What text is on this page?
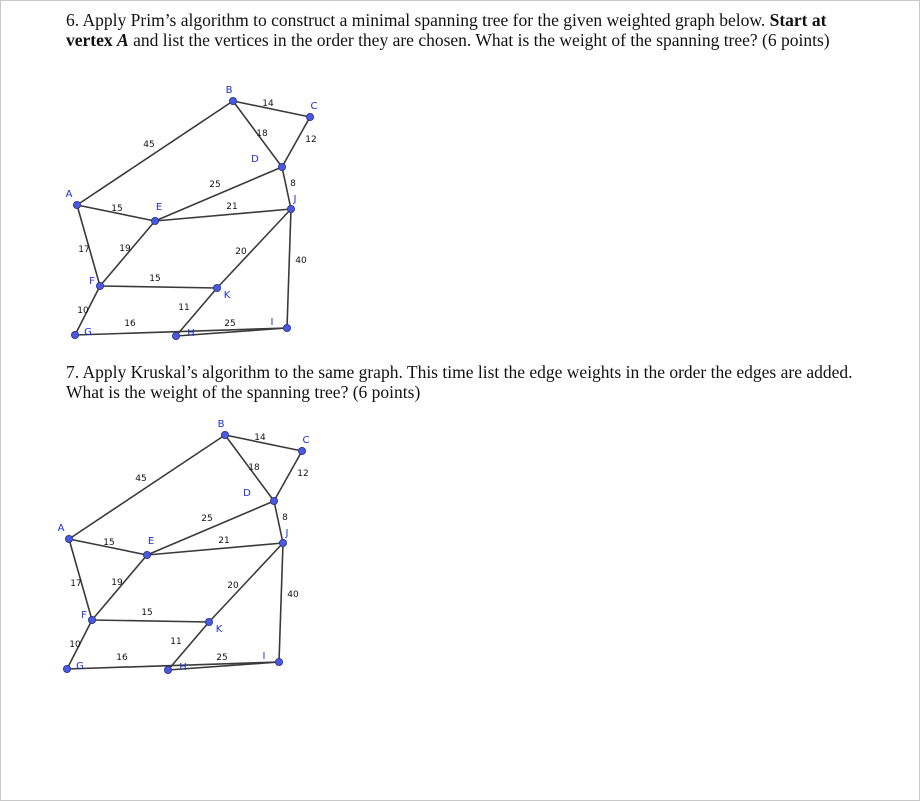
6. Apply Prim’s algorithm to construct a minimal spanning tree for the given weighted graph below. Start at vertex A and list the vertices in the order they are chosen. What is the weight of the spanning tree? (6 points)
45
14
18
12
25	8
15	21
17	19	20
40
15
10
16
11
25
A
B
C
D
E
F
G	H
I
J
K
7. Apply Kruskal’s algorithm to the same graph. This time list the edge weights in the order the edges are added. What is the weight of the spanning tree? (6 points)
45
14
18
12
25	8
15	21
17	19	20
40
15
10
16
11
25
A
B
C
D
E
F
G	H
I
J
K
